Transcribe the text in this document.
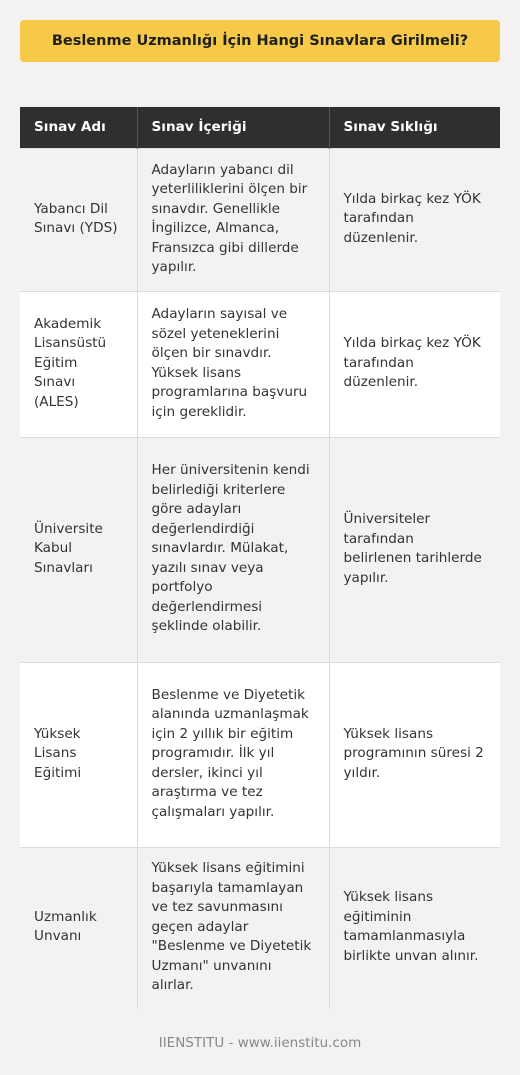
Beslenme Uzmanlığı İçin Hangi Sınavlara Girilmeli?
Sınav Adı	Sınav İçeriği	Sınav Sıklığı
Yabancı Dil Sınavı (YDS)	Adayların yabancı dil yeterliliklerini ölçen bir sınavdır. Genellikle İngilizce, Almanca, Fransızca gibi dillerde yapılır.	Yılda birkaç kez YÖK tarafından düzenlenir.
Akademik Lisansüstü Eğitim Sınavı (ALES)	Adayların sayısal ve sözel yeteneklerini ölçen bir sınavdır. Yüksek lisans programlarına başvuru için gereklidir.	Yılda birkaç kez YÖK tarafından düzenlenir.
Üniversite Kabul Sınavları	Her üniversitenin kendi belirlediği kriterlere göre adayları değerlendirdiği sınavlardır. Mülakat, yazılı sınav veya portfolyo değerlendirmesi şeklinde olabilir.	Üniversiteler tarafından belirlenen tarihlerde yapılır.
Yüksek Lisans Eğitimi	Beslenme ve Diyetetik alanında uzmanlaşmak için 2 yıllık bir eğitim programıdır. İlk yıl dersler, ikinci yıl araştırma ve tez çalışmaları yapılır.	Yüksek lisans programının süresi 2 yıldır.
Uzmanlık Unvanı	Yüksek lisans eğitimini başarıyla tamamlayan ve tez savunmasını geçen adaylar "Beslenme ve Diyetetik Uzmanı" unvanını alırlar.	Yüksek lisans eğitiminin tamamlanmasıyla birlikte unvan alınır.
IIENSTITU - www.iienstitu.com
